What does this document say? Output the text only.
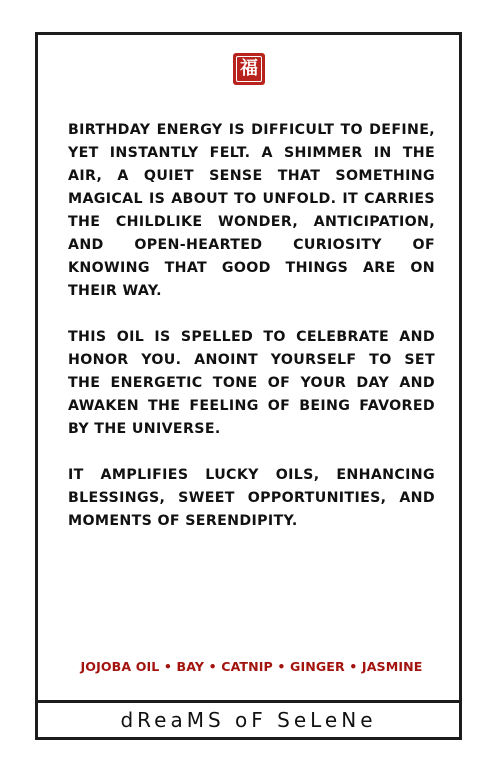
福

BIRTHDAY ENERGY IS DIFFICULT TO DEFINE, YET INSTANTLY FELT. A SHIMMER IN THE AIR, A QUIET SENSE THAT SOMETHING MAGICAL IS ABOUT TO UNFOLD. IT CARRIES THE CHILDLIKE WONDER, ANTICIPATION, AND OPEN-HEARTED CURIOSITY OF KNOWING THAT GOOD THINGS ARE ON THEIR WAY.

THIS OIL IS SPELLED TO CELEBRATE AND HONOR YOU. ANOINT YOURSELF TO SET THE ENERGETIC TONE OF YOUR DAY AND AWAKEN THE FEELING OF BEING FAVORED BY THE UNIVERSE.

IT AMPLIFIES LUCKY OILS, ENHANCING BLESSINGS, SWEET OPPORTUNITIES, AND MOMENTS OF SERENDIPITY.

JOJOBA OIL • BAY • CATNIP • GINGER • JASMINE
dReaMS oF SeLeNe
